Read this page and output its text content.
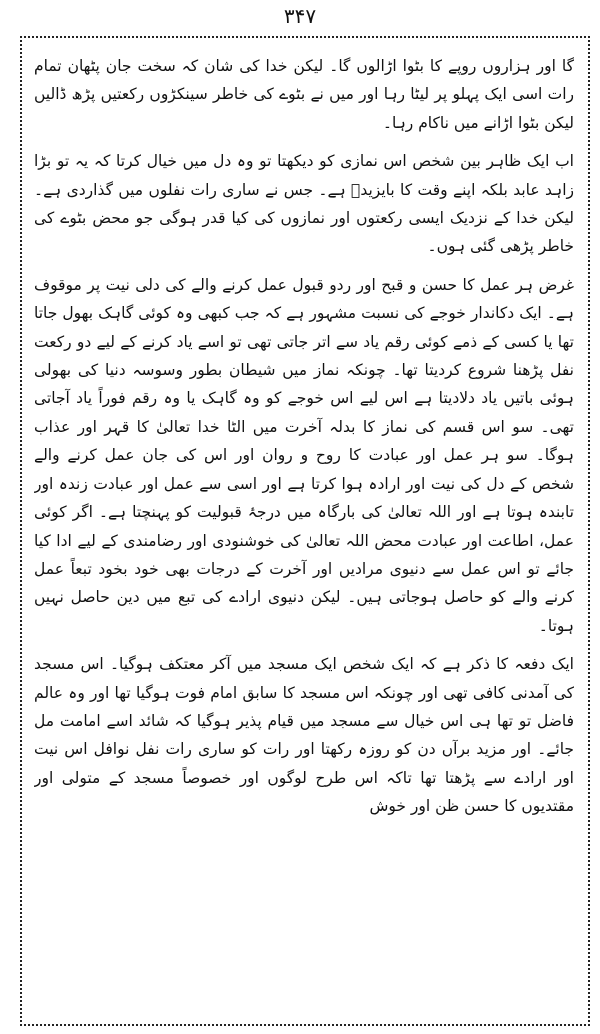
۳۴۷

گا اور ہزاروں روپے کا بٹوا اڑالوں گا۔ لیکن خدا کی شان کہ سخت جان پٹھان تمام رات اسی ایک پہلو پر لیٹا رہا اور میں نے بٹوے کی خاطر سینکڑوں رکعتیں پڑھ ڈالیں لیکن بٹوا اڑانے میں ناکام رہا۔

اب ایک ظاہر بین شخص اس نمازی کو دیکھتا تو وہ دل میں خیال کرتا کہ یہ تو بڑا زاہد عابد بلکہ اپنے وقت کا بایزیدؒ ہے۔ جس نے ساری رات نفلوں میں گذاردی ہے۔ لیکن خدا کے نزدیک ایسی رکعتوں اور نمازوں کی کیا قدر ہوگی جو محض بٹوے کی خاطر پڑھی گئی ہوں۔

غرض ہر عمل کا حسن و قبح اور ردو قبول عمل کرنے والے کی دلی نیت پر موقوف ہے۔ ایک دکاندار خوجے کی نسبت مشہور ہے کہ جب کبھی وہ کوئی گاہک بھول جاتا تھا یا کسی کے ذمے کوئی رقم یاد سے اتر جاتی تھی تو اسے یاد کرنے کے لیے دو رکعت نفل پڑھنا شروع کردیتا تھا۔ چونکہ نماز میں شیطان بطور وسوسہ دنیا کی بھولی ہوئی باتیں یاد دلادیتا ہے اس لیے اس خوجے کو وہ گاہک یا وہ رقم فوراً یاد آجاتی تھی۔ سو اس قسم کی نماز کا بدلہ آخرت میں الٹا خدا تعالیٰ کا قہر اور عذاب ہوگا۔ سو ہر عمل اور عبادت کا روح و روان اور اس کی جان عمل کرنے والے شخص کے دل کی نیت اور ارادہ ہوا کرتا ہے اور اسی سے عمل اور عبادت زندہ اور تابندہ ہوتا ہے اور اللہ تعالیٰ کی بارگاہ میں درجۂ قبولیت کو پہنچتا ہے۔ اگر کوئی عمل، اطاعت اور عبادت محض اللہ تعالیٰ کی خوشنودی اور رضامندی کے لیے ادا کیا جائے تو اس عمل سے دنیوی مرادیں اور آخرت کے درجات بھی خود بخود تبعاً عمل کرنے والے کو حاصل ہوجاتی ہیں۔ لیکن دنیوی ارادے کی تبع میں دین حاصل نہیں ہوتا۔

ایک دفعہ کا ذکر ہے کہ ایک شخص ایک مسجد میں آکر معتکف ہوگیا۔ اس مسجد کی آمدنی کافی تھی اور چونکہ اس مسجد کا سابق امام فوت ہوگیا تھا اور وہ عالم فاضل تو تھا ہی اس خیال سے مسجد میں قیام پذیر ہوگیا کہ شائد اسے امامت مل جائے۔ اور مزید برآں دن کو روزہ رکھتا اور رات کو ساری رات نفل نوافل اس نیت اور ارادے سے پڑھتا تھا تاکہ اس طرح لوگوں اور خصوصاً مسجد کے متولی اور مقتدیوں کا حسن ظن اور خوش
